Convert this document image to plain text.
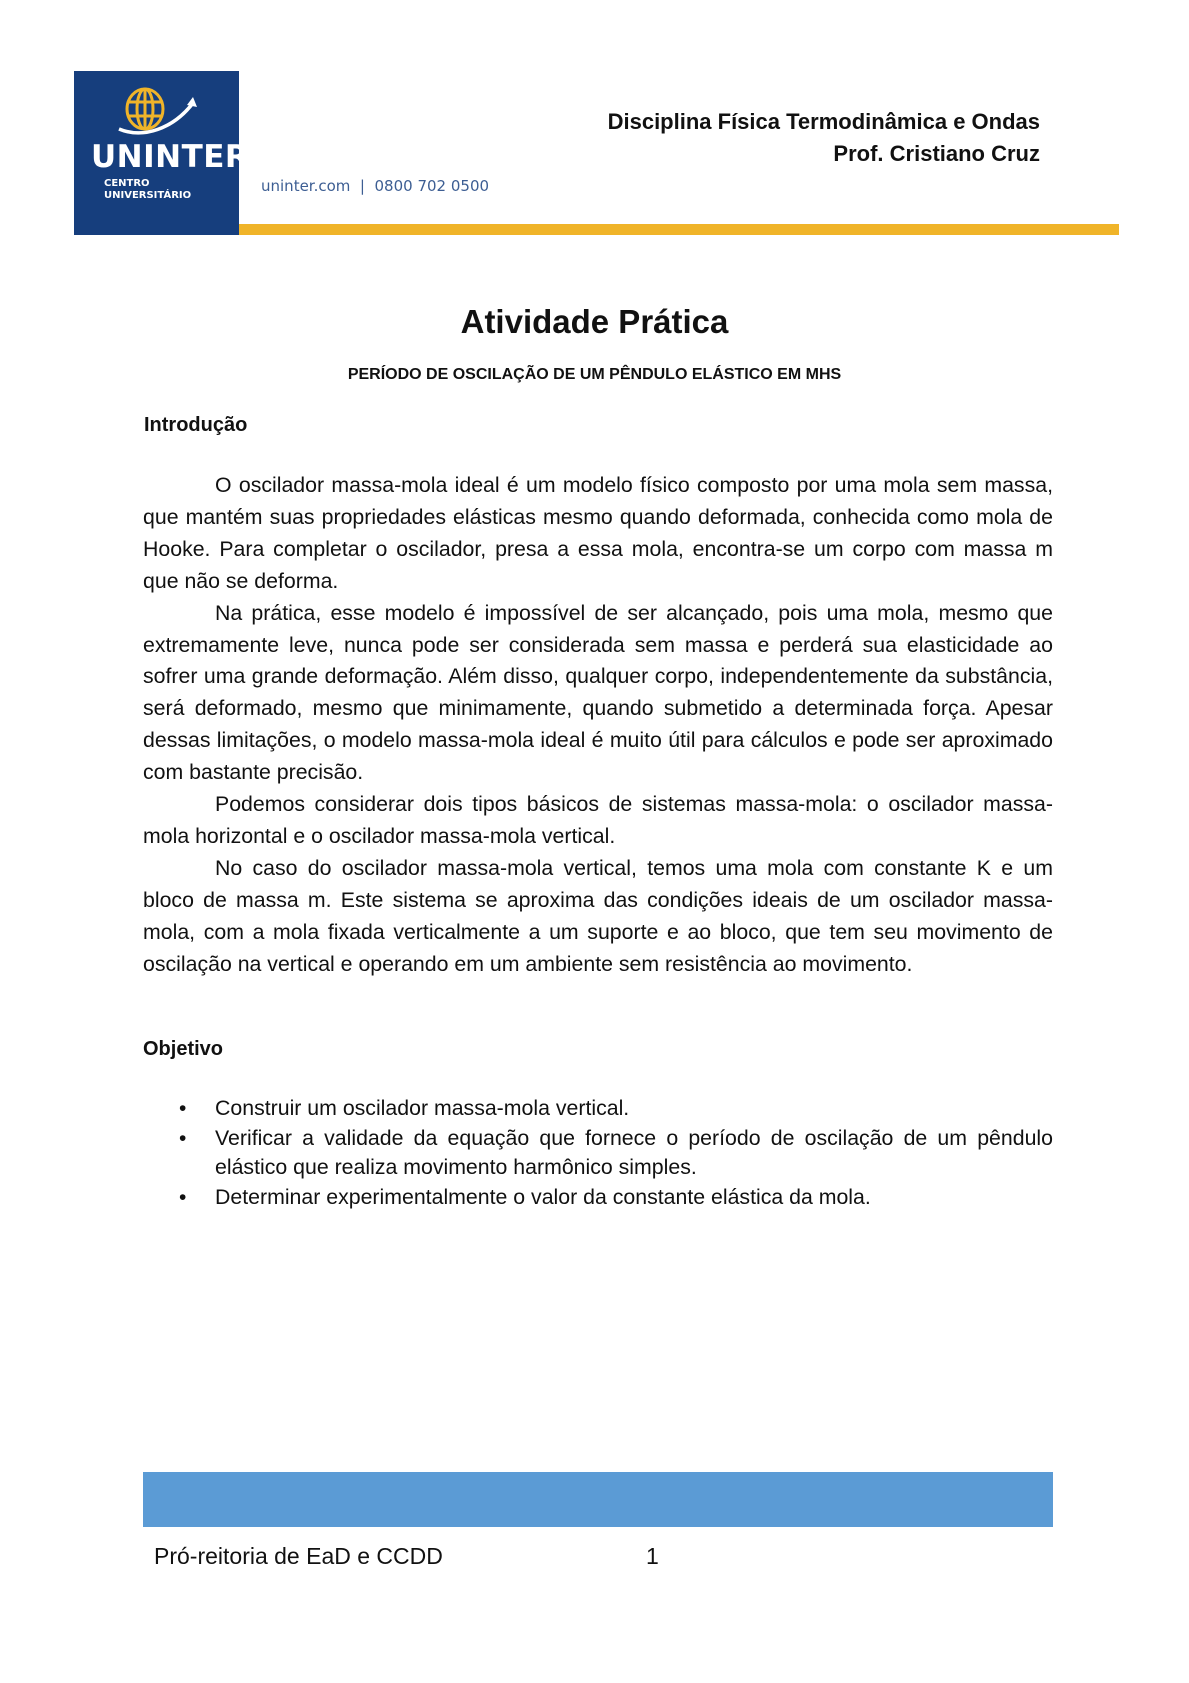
UNINTER
CENTRO
UNIVERSITÁRIO
uninter.com  |  0800 702 0500
Disciplina Física Termodinâmica e Ondas
Prof. Cristiano Cruz
Atividade Prática
PERÍODO DE OSCILAÇÃO DE UM PÊNDULO ELÁSTICO EM MHS
Introdução

O oscilador massa-mola ideal é um modelo físico composto por uma mola sem massa, que mantém suas propriedades elásticas mesmo quando deformada, conhecida como mola de Hooke. Para completar o oscilador, presa a essa mola, encontra-se um corpo com massa m que não se deforma.

Na prática, esse modelo é impossível de ser alcançado, pois uma mola, mesmo que extremamente leve, nunca pode ser considerada sem massa e perderá sua elasticidade ao sofrer uma grande deformação. Além disso, qualquer corpo, independentemente da substância, será deformado, mesmo que minimamente, quando submetido a determinada força. Apesar dessas limitações, o modelo massa-mola ideal é muito útil para cálculos e pode ser aproximado com bastante precisão.

Podemos considerar dois tipos básicos de sistemas massa-mola: o oscilador massa-mola horizontal e o oscilador massa-mola vertical.

No caso do oscilador massa-mola vertical, temos uma mola com constante K e um bloco de massa m. Este sistema se aproxima das condições ideais de um oscilador massa-mola, com a mola fixada verticalmente a um suporte e ao bloco, que tem seu movimento de oscilação na vertical e operando em um ambiente sem resistência ao movimento.

Objetivo
• Construir um oscilador massa-mola vertical.
• Verificar a validade da equação que fornece o período de oscilação de um pêndulo elástico que realiza movimento harmônico simples.
• Determinar experimentalmente o valor da constante elástica da mola.
Pró-reitoria de EaD e CCDD	1
